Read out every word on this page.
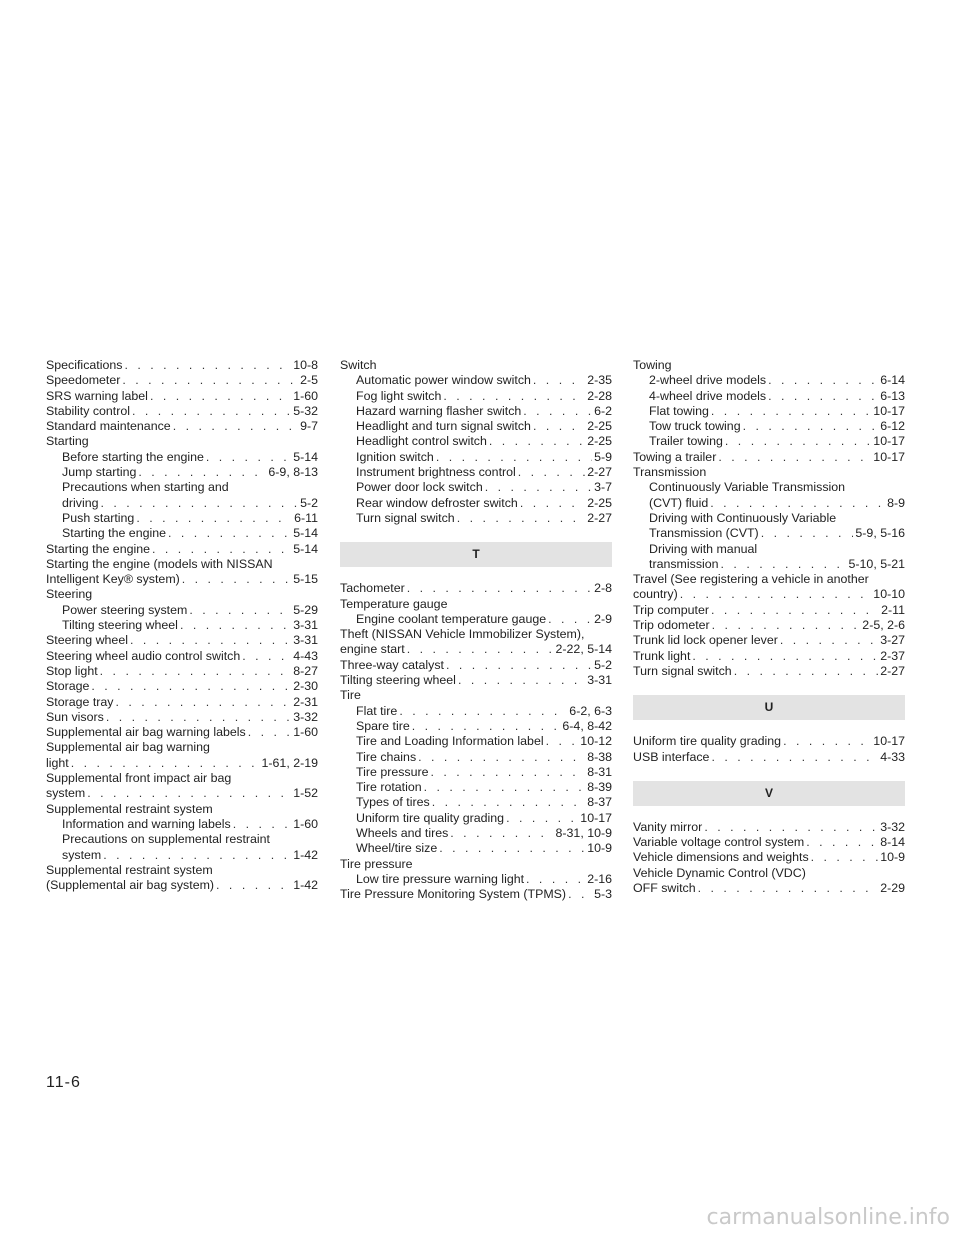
Specifications . . .	10-8
Speedometer . . .	2-5
SRS warning label . . .	1-60
Stability control . . .	5-32
Standard maintenance . . .	9-7
Starting
Before starting the engine . . .	5-14
Jump starting . . .	6-9, 8-13
Precautions when starting and
driving . . .	5-2
Push starting . . .	6-11
Starting the engine . . .	5-14
Starting the engine . . .	5-14
Starting the engine (models with NISSAN
Intelligent Key® system) . . .	5-15
Steering
Power steering system . . .	5-29
Tilting steering wheel . . .	3-31
Steering wheel . . .	3-31
Steering wheel audio control switch . . .	4-43
Stop light . . .	8-27
Storage . . .	2-30
Storage tray . . .	2-31
Sun visors . . .	3-32
Supplemental air bag warning labels . . .	1-60
Supplemental air bag warning
light . . .	1-61, 2-19
Supplemental front impact air bag
system . . .	1-52
Supplemental restraint system
Information and warning labels . . .	1-60
Precautions on supplemental restraint
system . . .	1-42
Supplemental restraint system
(Supplemental air bag system) . . .	1-42
Switch
Automatic power window switch . . .	2-35
Fog light switch . . .	2-28
Hazard warning flasher switch . . .	6-2
Headlight and turn signal switch . . .	2-25
Headlight control switch . . .	2-25
Ignition switch . . .	5-9
Instrument brightness control . . .	2-27
Power door lock switch . . .	3-7
Rear window defroster switch . . .	2-25
Turn signal switch . . .	2-27
T
Tachometer . . .	2-8
Temperature gauge
Engine coolant temperature gauge . . .	2-9
Theft (NISSAN Vehicle Immobilizer System),
engine start . . .	2-22, 5-14
Three-way catalyst . . .	5-2
Tilting steering wheel . . .	3-31
Tire
Flat tire . . .	6-2, 6-3
Spare tire . . .	6-4, 8-42
Tire and Loading Information label . . .	10-12
Tire chains . . .	8-38
Tire pressure . . .	8-31
Tire rotation . . .	8-39
Types of tires . . .	8-37
Uniform tire quality grading . . .	10-17
Wheels and tires . . .	8-31, 10-9
Wheel/tire size . . .	10-9
Tire pressure
Low tire pressure warning light . . .	2-16
Tire Pressure Monitoring System (TPMS) . . . 5-3
Towing
2-wheel drive models . . .	6-14
4-wheel drive models . . .	6-13
Flat towing . . .	10-17
Tow truck towing . . .	6-12
Trailer towing . . .	10-17
Towing a trailer . . .	10-17
Transmission
Continuously Variable Transmission
(CVT) fluid . . .	8-9
Driving with Continuously Variable
Transmission (CVT) . . .	5-9, 5-16
Driving with manual
transmission . . .	5-10, 5-21
Travel (See registering a vehicle in another
country) . . .	10-10
Trip computer . . .	2-11
Trip odometer . . .	2-5, 2-6
Trunk lid lock opener lever . . .	3-27
Trunk light . . .	2-37
Turn signal switch . . .	2-27
U
Uniform tire quality grading . . .	10-17
USB interface . . .	4-33
V
Vanity mirror . . .	3-32
Variable voltage control system . . .	8-14
Vehicle dimensions and weights . . .	10-9
Vehicle Dynamic Control (VDC)
OFF switch . . .	2-29
11-6
carmanualsonline.info
